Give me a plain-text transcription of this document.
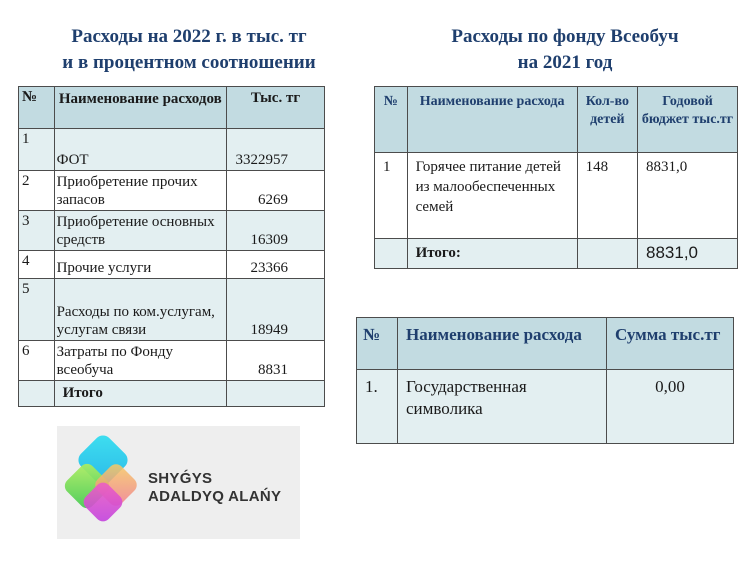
Расходы на 2022 г. в тыс. тг
и в процентном соотношении
Расходы по фонду Всеобуч
на 2021 год
№	Наименование расходов	Тыс. тг
1	ФОТ	3322957

2	Приобретение прочих запасов	6269

3	Приобретение основных средств	16309

4	Прочие услуги	23366

5	Расходы по ком.услугам, услугам связи	18949

6	Затраты по Фонду всеобуча	8831

	Итого	
№	Наименование расхода	Кол-во детей	Годовой бюджет тыс.тг
1	Горячее питание детей из малообеспеченных семей	148	8831,0
	Итого:		8831,0
№	Наименование расхода	Сумма тыс.тг
1.	Государственная символика	0,00
SHYǴYS
ADALDYQ ALAŃY
